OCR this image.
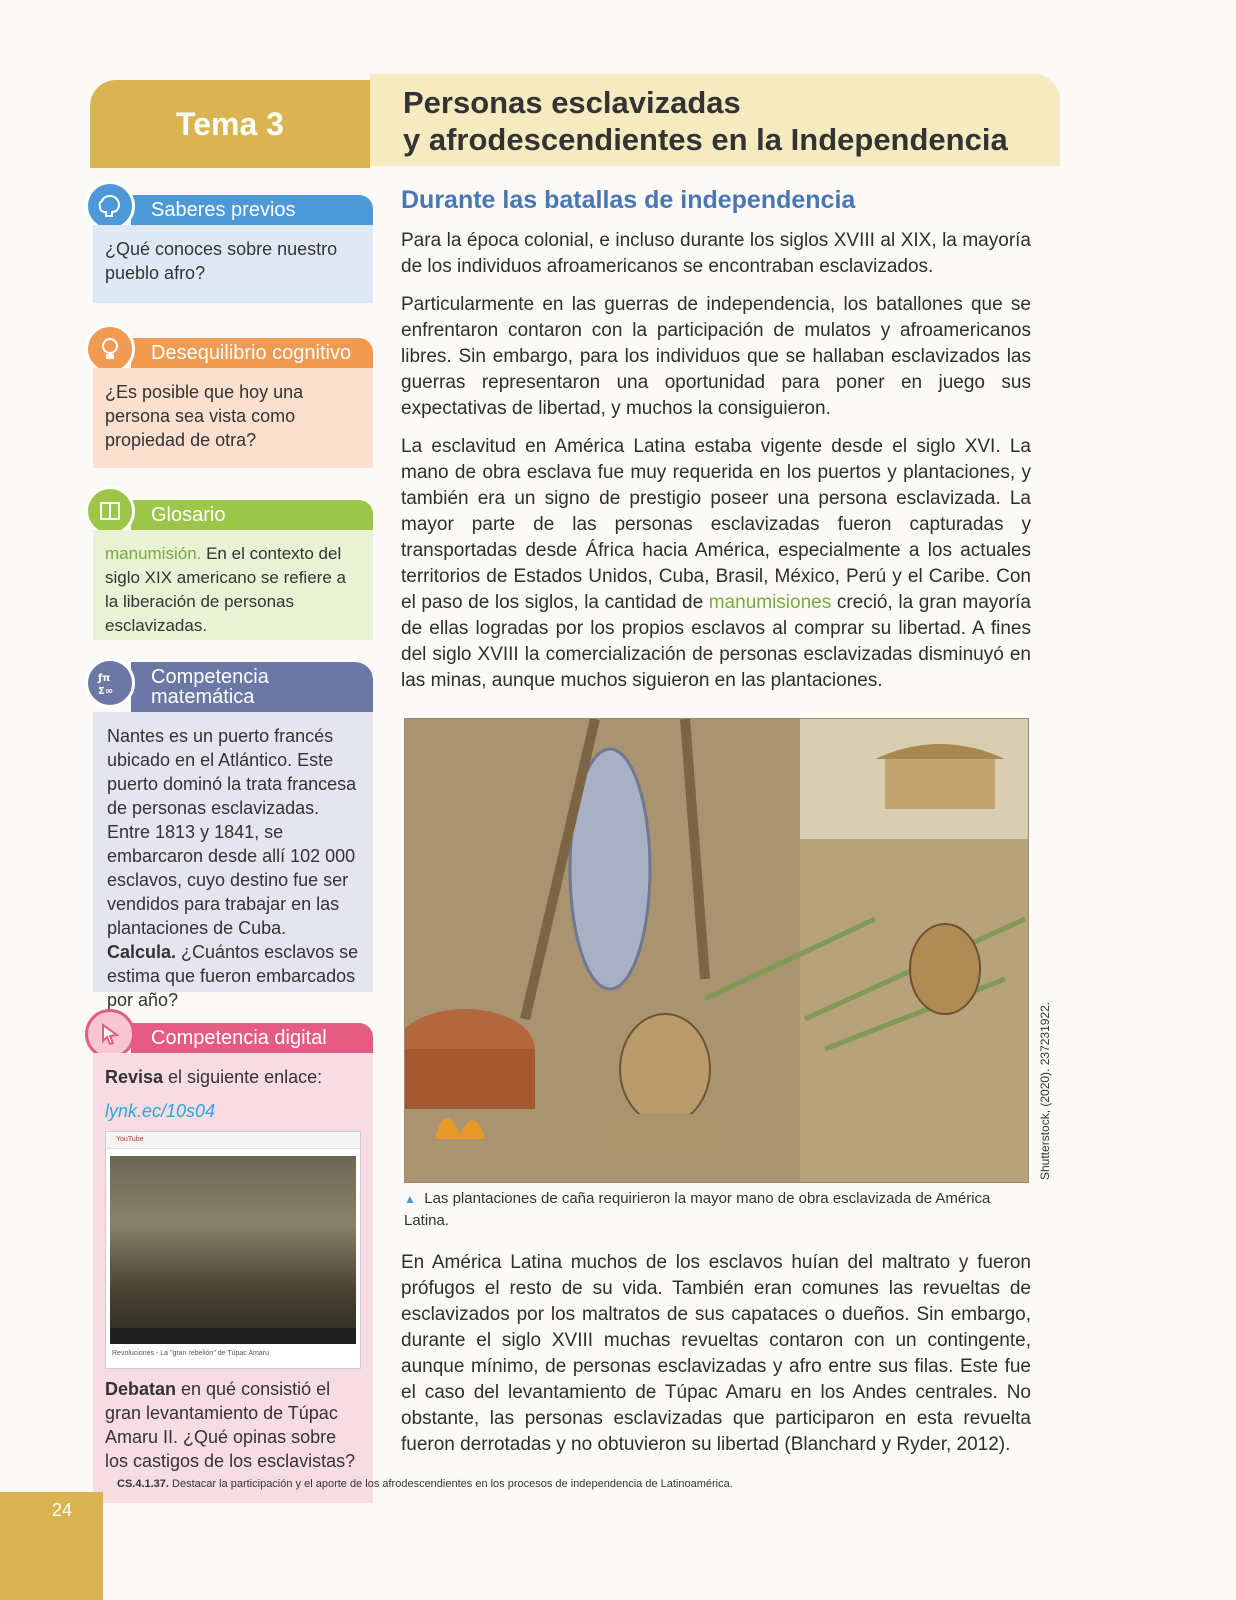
Tema 3
Personas esclavizadas
y afrodescendientes en la Independencia
Saberes previos
¿Qué conoces sobre nuestro pueblo afro?
Desequilibrio cognitivo
¿Es posible que hoy una persona sea vista como propiedad de otra?
Glosario
manumisión. En el contexto del siglo XIX americano se refiere a la liberación de personas esclavizadas.
Competencia
matemática
ƒπ
Σ∞
Nantes es un puerto francés ubicado en el Atlántico. Este puerto dominó la trata francesa de personas esclavizadas. Entre 1813 y 1841, se embarcaron desde allí 102 000 esclavos, cuyo destino fue ser vendidos para trabajar en las plantaciones de Cuba. Calcula. ¿Cuántos esclavos se estima que fueron embarcados por año?
Competencia digital
Revisa el siguiente enlace:
lynk.ec/10s04
YouTube
Revoluciones - La "gran rebelión" de Túpac Amaru
Debatan en qué consistió el gran levantamiento de Túpac Amaru II. ¿Qué opinas sobre los castigos de los esclavistas?
Durante las batallas de independencia
Para la época colonial, e incluso durante los siglos XVIII al XIX, la mayoría de los individuos afroamericanos se encontraban esclavizados.
Particularmente en las guerras de independencia, los batallones que se enfrentaron contaron con la participación de mulatos y afroamericanos libres. Sin embargo, para los individuos que se hallaban esclavizados las guerras representaron una oportunidad para poner en juego sus expectativas de libertad, y muchos la consiguieron.
La esclavitud en América Latina estaba vigente desde el siglo XVI. La mano de obra esclava fue muy requerida en los puertos y plantaciones, y también era un signo de prestigio poseer una persona esclavizada. La mayor parte de las personas esclavizadas fueron capturadas y transportadas desde África hacia América, especialmente a los actuales territorios de Estados Unidos, Cuba, Brasil, México, Perú y el Caribe. Con el paso de los siglos, la cantidad de manumisiones creció, la gran mayoría de ellas logradas por los propios esclavos al comprar su libertad. A fines del siglo XVIII la comercialización de personas esclavizadas disminuyó en las minas, aunque muchos siguieron en las plantaciones.
Shutterstock, (2020). 237231922.
▲ Las plantaciones de caña requirieron la mayor mano de obra esclavizada de América Latina.
En América Latina muchos de los esclavos huían del maltrato y fueron prófugos el resto de su vida. También eran comunes las revueltas de esclavizados por los maltratos de sus capataces o dueños. Sin embargo, durante el siglo XVIII muchas revueltas contaron con un contingente, aunque mínimo, de personas esclavizadas y afro entre sus filas. Este fue el caso del levantamiento de Túpac Amaru en los Andes centrales. No obstante, las personas esclavizadas que participaron en esta revuelta fueron derrotadas y no obtuvieron su libertad (Blanchard y Ryder, 2012).
CS.4.1.37. Destacar la participación y el aporte de los afrodescendientes en los procesos de independencia de Latinoamérica.
24
